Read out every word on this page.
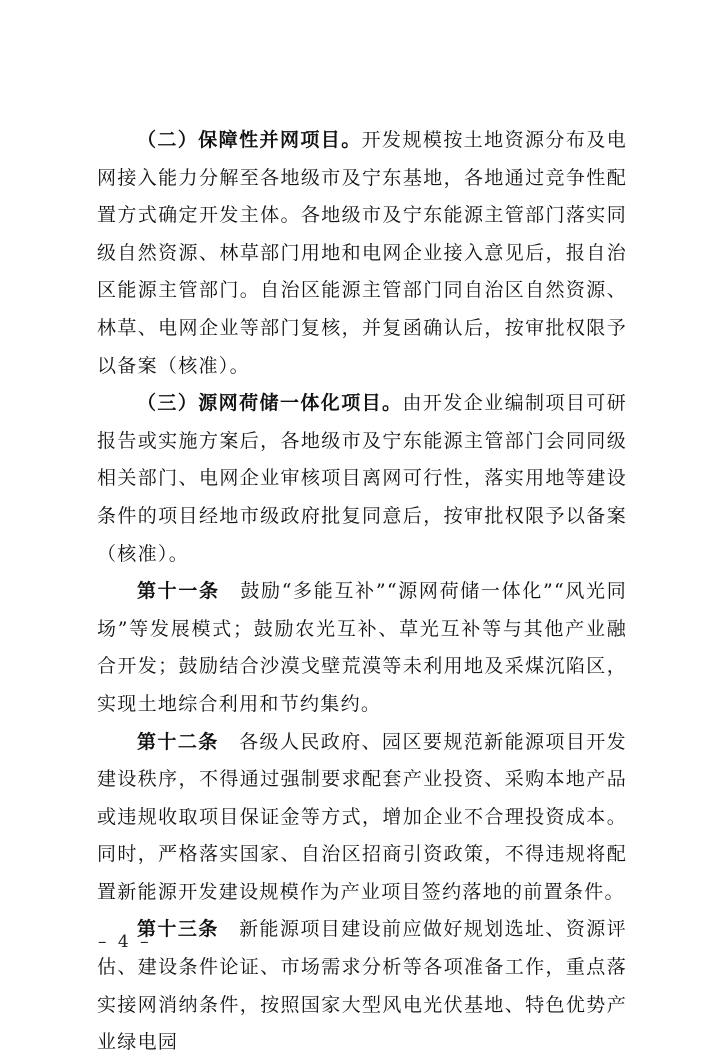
（二）保障性并网项目。开发规模按土地资源分布及电网接入能力分解至各地级市及宁东基地，各地通过竞争性配置方式确定开发主体。各地级市及宁东能源主管部门落实同级自然资源、林草部门用地和电网企业接入意见后，报自治区能源主管部门。自治区能源主管部门同自治区自然资源、林草、电网企业等部门复核，并复函确认后，按审批权限予以备案（核准）。

（三）源网荷储一体化项目。由开发企业编制项目可研报告或实施方案后，各地级市及宁东能源主管部门会同同级相关部门、电网企业审核项目离网可行性，落实用地等建设条件的项目经地市级政府批复同意后，按审批权限予以备案（核准）。

第十一条　鼓励“多能互补”“源网荷储一体化”“风光同场”等发展模式；鼓励农光互补、草光互补等与其他产业融合开发；鼓励结合沙漠戈壁荒漠等未利用地及采煤沉陷区，实现土地综合利用和节约集约。

第十二条　各级人民政府、园区要规范新能源项目开发建设秩序，不得通过强制要求配套产业投资、采购本地产品或违规收取项目保证金等方式，增加企业不合理投资成本。同时，严格落实国家、自治区招商引资政策，不得违规将配置新能源开发建设规模作为产业项目签约落地的前置条件。

第十三条　新能源项目建设前应做好规划选址、资源评估、建设条件论证、市场需求分析等各项准备工作，重点落实接网消纳条件，按照国家大型风电光伏基地、特色优势产业绿电园

– 4 –
